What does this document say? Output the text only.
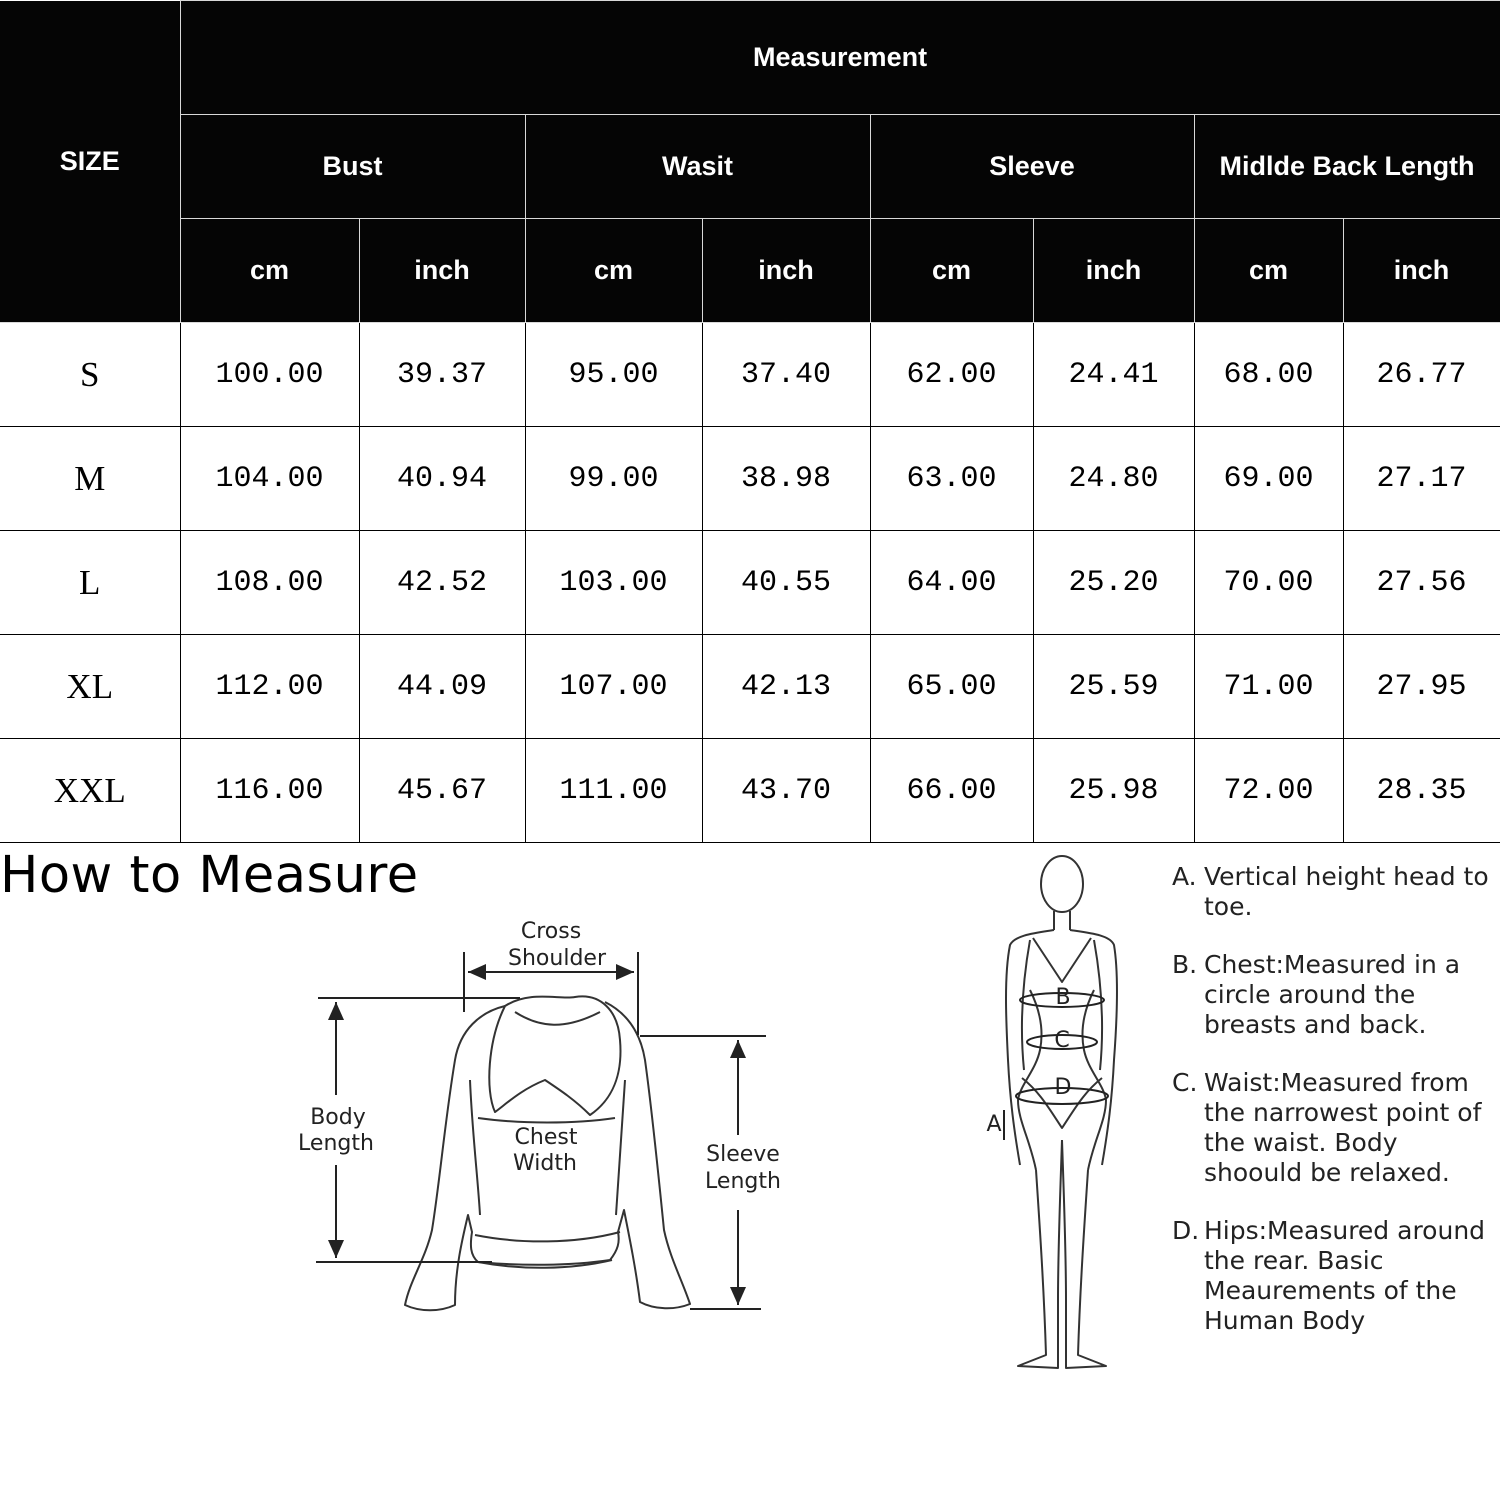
SIZE	Measurement							
	Bust		Wasit		Sleeve		Midlde Back Length	
	cm	inch	cm	inch	cm	inch	cm	inch
S	100.00	39.37	95.00	37.40	62.00	24.41	68.00	26.77
M	104.00	40.94	99.00	38.98	63.00	24.80	69.00	27.17
L	108.00	42.52	103.00	40.55	64.00	25.20	70.00	27.56
XL	112.00	44.09	107.00	42.13	65.00	25.59	71.00	27.95
XXL	116.00	45.67	111.00	43.70	66.00	25.98	72.00	28.35
How to Measure
Cross
Shoulder
Body
Length	Chest
Width	Sleeve
Length
B
C
D
A
A. Vertical height head to toe.
B. Chest:Measured in a circle around the breasts and back.
C. Waist:Measured from the narrowest point of the waist. Body shoould be relaxed.
D. Hips:Measured around the rear. Basic Meaurements of the Human Body
